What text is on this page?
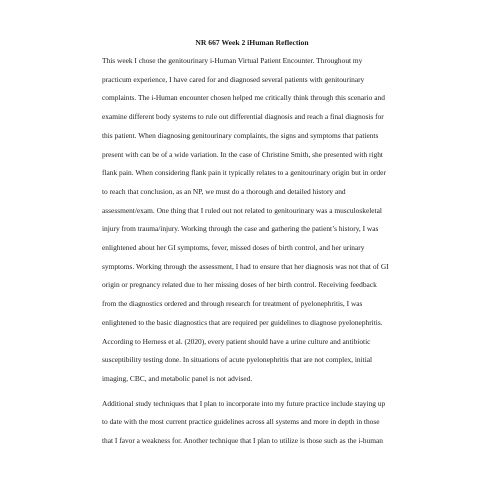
NR 667 Week 2 iHuman Reflection
This week I chose the genitourinary i-Human Virtual Patient Encounter. Throughout my
practicum experience, I have cared for and diagnosed several patients with genitourinary
complaints. The i-Human encounter chosen helped me critically think through this scenario and
examine different body systems to rule out differential diagnosis and reach a final diagnosis for
this patient. When diagnosing genitourinary complaints, the signs and symptoms that patients
present with can be of a wide variation. In the case of Christine Smith, she presented with right
flank pain. When considering flank pain it typically relates to a genitourinary origin but in order
to reach that conclusion, as an NP, we must do a thorough and detailed history and
assessment/exam. One thing that I ruled out not related to genitourinary was a musculoskeletal
injury from trauma/injury. Working through the case and gathering the patient’s history, I was
enlightened about her GI symptoms, fever, missed doses of birth control, and her urinary
symptoms. Working through the assessment, I had to ensure that her diagnosis was not that of GI
origin or pregnancy related due to her missing doses of her birth control. Receiving feedback
from the diagnostics ordered and through research for treatment of pyelonephritis, I was
enlightened to the basic diagnostics that are required per guidelines to diagnose pyelonephritis.
According to Herness et al. (2020), every patient should have a urine culture and antibiotic
susceptibility testing done. In situations of acute pyelonephritis that are not complex, initial
imaging, CBC, and metabolic panel is not advised.
Additional study techniques that I plan to incorporate into my future practice include staying up
to date with the most current practice guidelines across all systems and more in depth in those
that I favor a weakness for. Another technique that I plan to utilize is those such as the i-human
